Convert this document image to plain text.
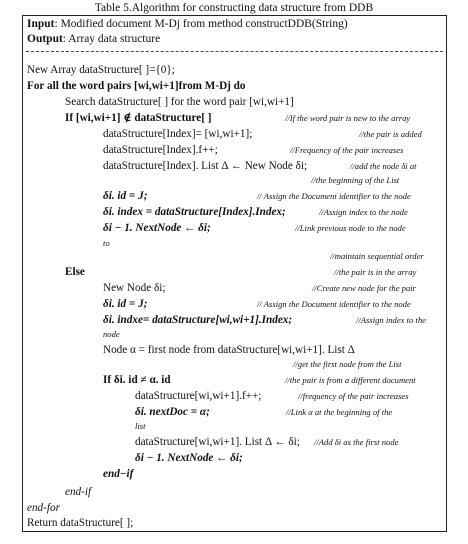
Table 5.Algorithm for constructing data structure from DDB
Input: Modified document M-Dj from method constructDDB(String)
Output: Array data structure
New Array dataStructure[ ]={0};
For all the word pairs [wi,wi+1]from M-Dj do
Search dataStructure[ ] for the word pair [wi,wi+1]
If [wi,wi+1] ∉ dataStructure[ ]
dataStructure[Index]= [wi,wi+1];
dataStructure[Index].f++;
dataStructure[Index]. List Δ ← New Node δi;
δi. id = J;
δi. index = dataStructure[Index].Index;
δi − 1. NextNode ← δi;
Else
New Node δi;
δi. id = J;
δi. indxe= dataStructure[wi,wi+1].Index;
Node α = first node from dataStructure[wi,wi+1]. List Δ
If δi. id ≠ α. id
dataStructure[wi,wi+1].f++;
δi. nextDoc = α;
dataStructure[wi,wi+1]. List Δ ← δi;
δi − 1. NextNode ← δi;
end−if
end-if
end-for
Return dataStructure[ ];
//If the word pair is new to the array
//the pair is added
//Frequency of the pair increases
//add the node δi at
//the beginning of the List
// Assign the Document identifier to the node
//Assign index to the node
//Link previous node to the node
to
//maintain sequential order
//the pair is in the array
//Create new node for the pair
// Assign the Document identifier to the node
//Assign index to the
node
//get the first node from the List
//the pair is from a different document
//frequency of the pair increases
//Link α at the beginning of the
list
//Add δi as the first node
